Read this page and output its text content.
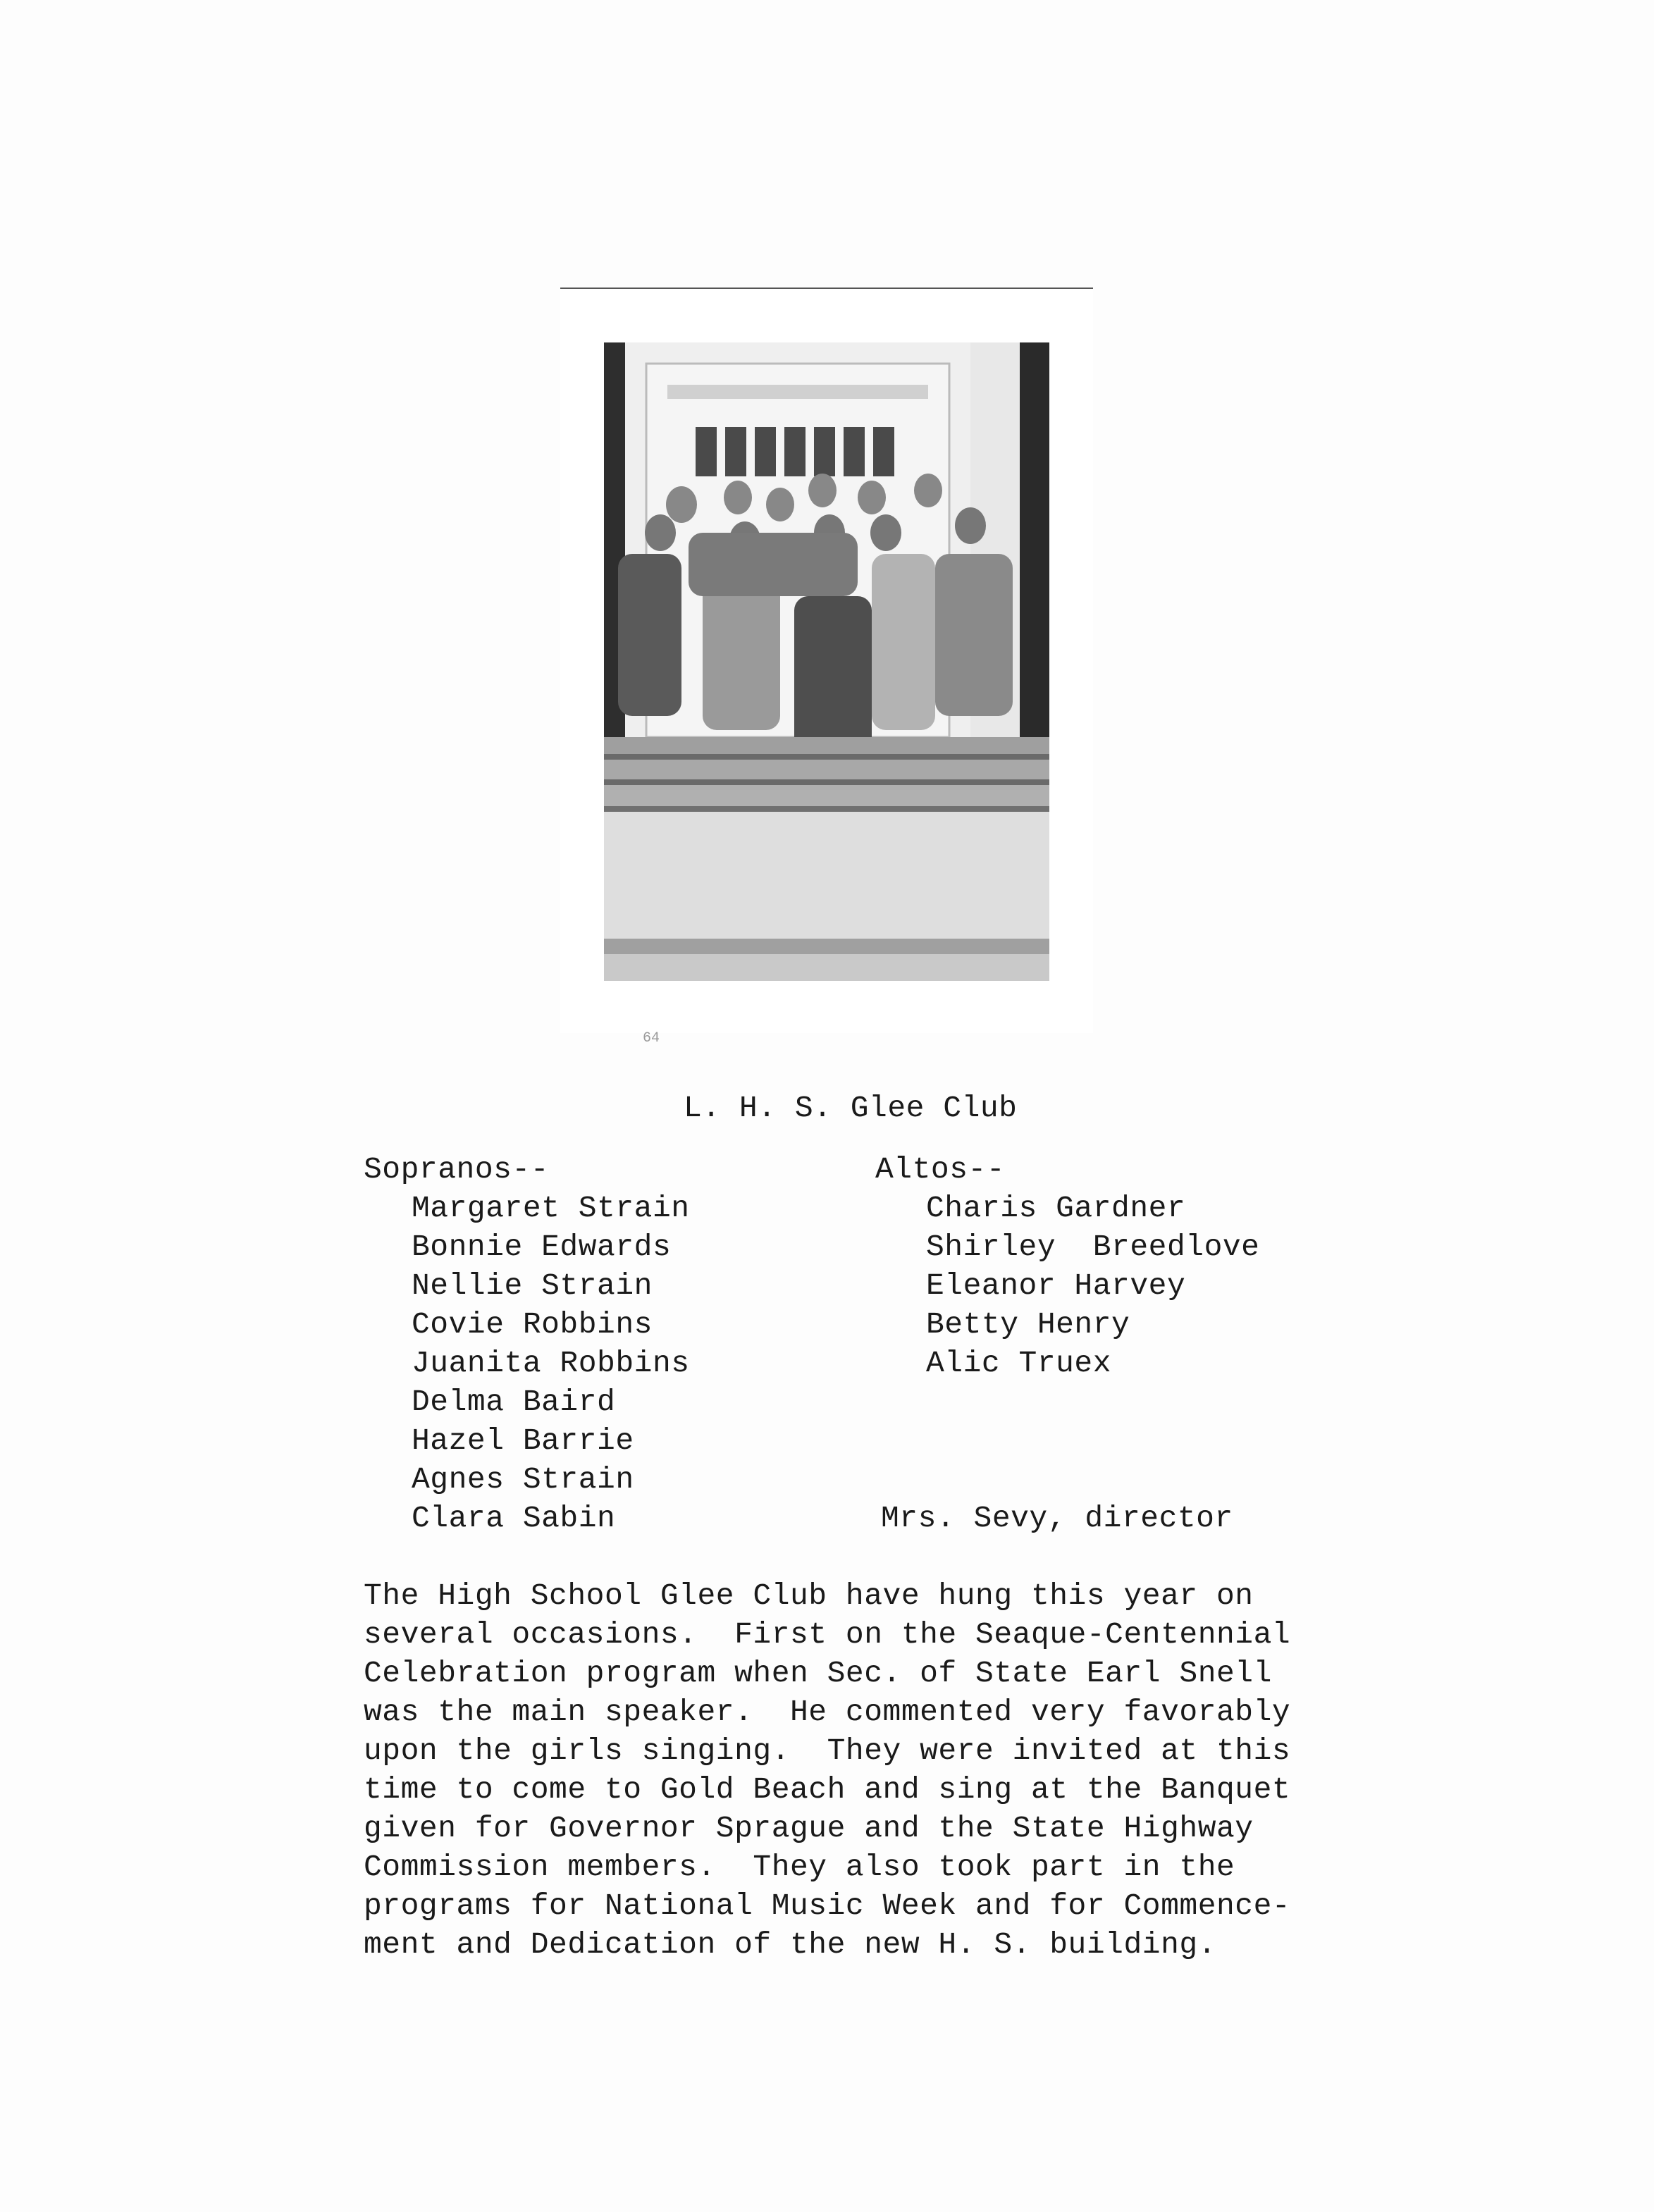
64
L. H. S. Glee Club
Sopranos--
Margaret Strain
Bonnie Edwards
Nellie Strain
Covie Robbins
Juanita Robbins
Delma Baird
Hazel Barrie
Agnes Strain
Clara Sabin
Altos--
Charis Gardner
Shirley  Breedlove
Eleanor Harvey
Betty Henry
Alic Truex
Mrs. Sevy, director
The High School Glee Club have hung this year on
several occasions.  First on the Seaque-Centennial
Celebration program when Sec. of State Earl Snell
was the main speaker.  He commented very favorably
upon the girls singing.  They were invited at this
time to come to Gold Beach and sing at the Banquet
given for Governor Sprague and the State Highway
Commission members.  They also took part in the
programs for National Music Week and for Commence-
ment and Dedication of the new H. S. building.
